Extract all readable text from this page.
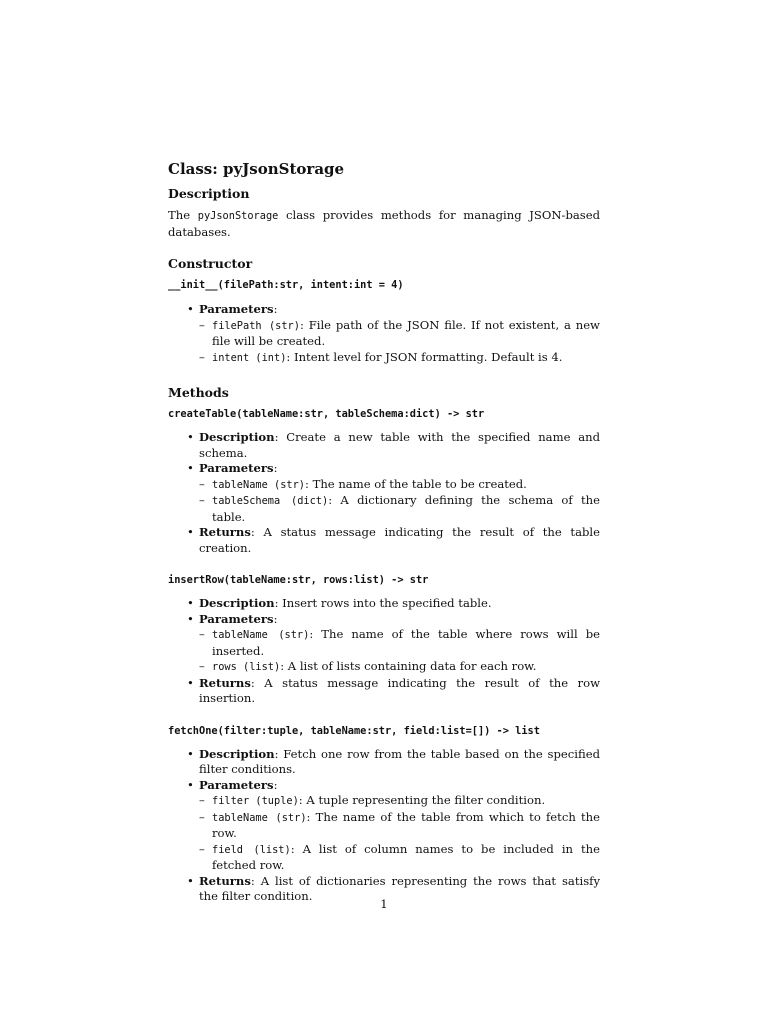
Class: pyJsonStorage
Description

The pyJsonStorage class provides methods for managing JSON-based databases.

Constructor
__init__(filePath:str, intent:int = 4)
• Parameters:
– filePath (str): File path of the JSON file. If not existent, a new file will be created.
– intent (int): Intent level for JSON formatting. Default is 4.
Methods
createTable(tableName:str, tableSchema:dict) -> str
• Description: Create a new table with the specified name and schema.
• Parameters:
– tableName (str): The name of the table to be created.
– tableSchema (dict): A dictionary defining the schema of the table.
• Returns: A status message indicating the result of the table creation.
insertRow(tableName:str, rows:list) -> str
• Description: Insert rows into the specified table.
• Parameters:
– tableName (str): The name of the table where rows will be inserted.
– rows (list): A list of lists containing data for each row.
• Returns: A status message indicating the result of the row insertion.
fetchOne(filter:tuple, tableName:str, field:list=[]) -> list
• Description: Fetch one row from the table based on the specified filter conditions.
• Parameters:
– filter (tuple): A tuple representing the filter condition.
– tableName (str): The name of the table from which to fetch the row.
– field (list): A list of column names to be included in the fetched row.
• Returns: A list of dictionaries representing the rows that satisfy the filter condition.
1
